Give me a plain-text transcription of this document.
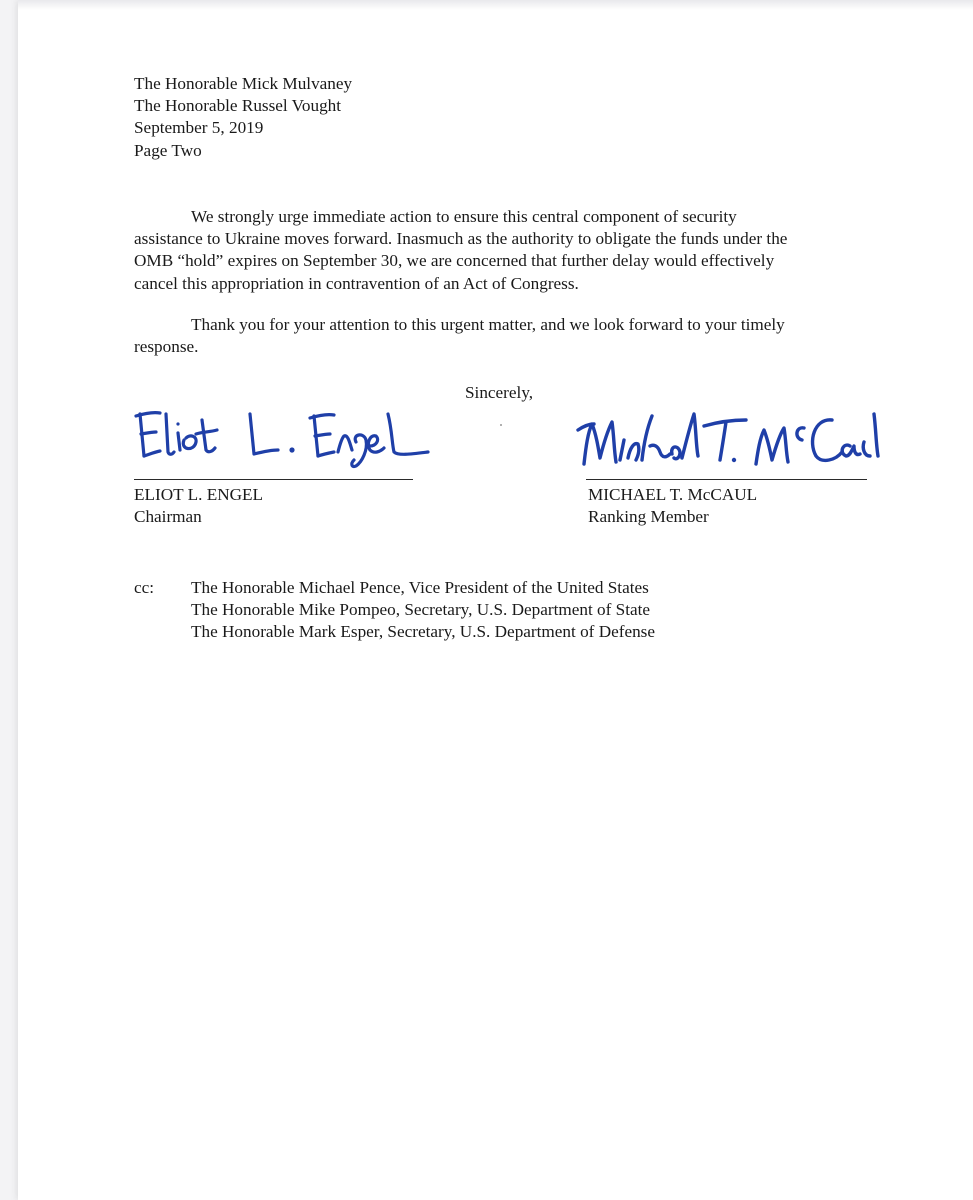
The Honorable Mick Mulvaney
The Honorable Russel Vought
September 5, 2019
Page Two
We strongly urge immediate action to ensure this central component of security
assistance to Ukraine moves forward. Inasmuch as the authority to obligate the funds under the
OMB “hold” expires on September 30, we are concerned that further delay would effectively
cancel this appropriation in contravention of an Act of Congress.
Thank you for your attention to this urgent matter, and we look forward to your timely
response.
Sincerely,
ELIOT L. ENGEL
Chairman
MICHAEL T. McCAUL
Ranking Member
cc: The Honorable Michael Pence, Vice President of the United States
The Honorable Mike Pompeo, Secretary, U.S. Department of State
The Honorable Mark Esper, Secretary, U.S. Department of Defense
